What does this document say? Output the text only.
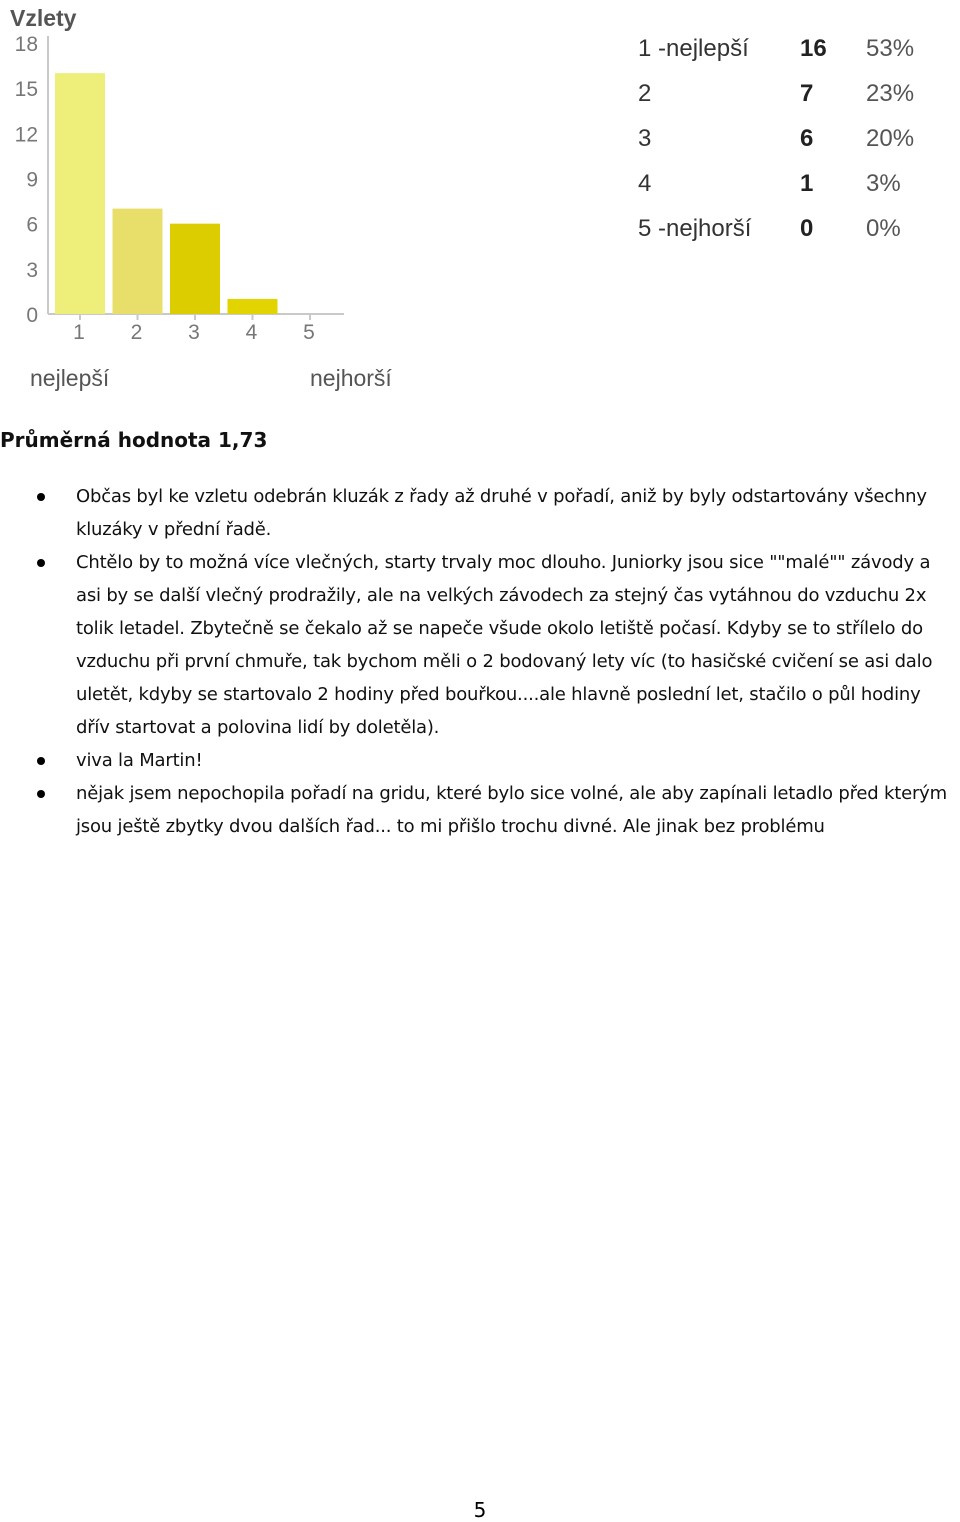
Vzlety
0
3
6
9
12
15
18
1 2 3 4 5
nejlepší	nejhorší
1 -nejlepší 16 53%
2	7 23%
3	6 20%
4	1 3%
5 -nejhorší 0 0%
Průměrná hodnota 1,73
Občas byl ke vzletu odebrán kluzák z řady až druhé v pořadí, aniž by byly odstartovány všechny kluzáky v přední řadě.
Chtělo by to možná více vlečných, starty trvaly moc dlouho. Juniorky jsou sice ""malé"" závody a asi by se další vlečný prodražily, ale na velkých závodech za stejný čas vytáhnou do vzduchu 2x tolik letadel. Zbytečně se čekalo až se napeče všude okolo letiště počasí. Kdyby se to střílelo do vzduchu při první chmuře, tak bychom měli o 2 bodovaný lety víc (to hasičské cvičení se asi dalo uletět, kdyby se startovalo 2 hodiny před bouřkou....ale hlavně poslední let, stačilo o půl hodiny dřív startovat a polovina lidí by doletěla).
viva la Martin!
nějak jsem nepochopila pořadí na gridu, které bylo sice volné, ale aby zapínali letadlo před kterým jsou ještě zbytky dvou dalších řad... to mi přišlo trochu divné. Ale jinak bez problému
5
